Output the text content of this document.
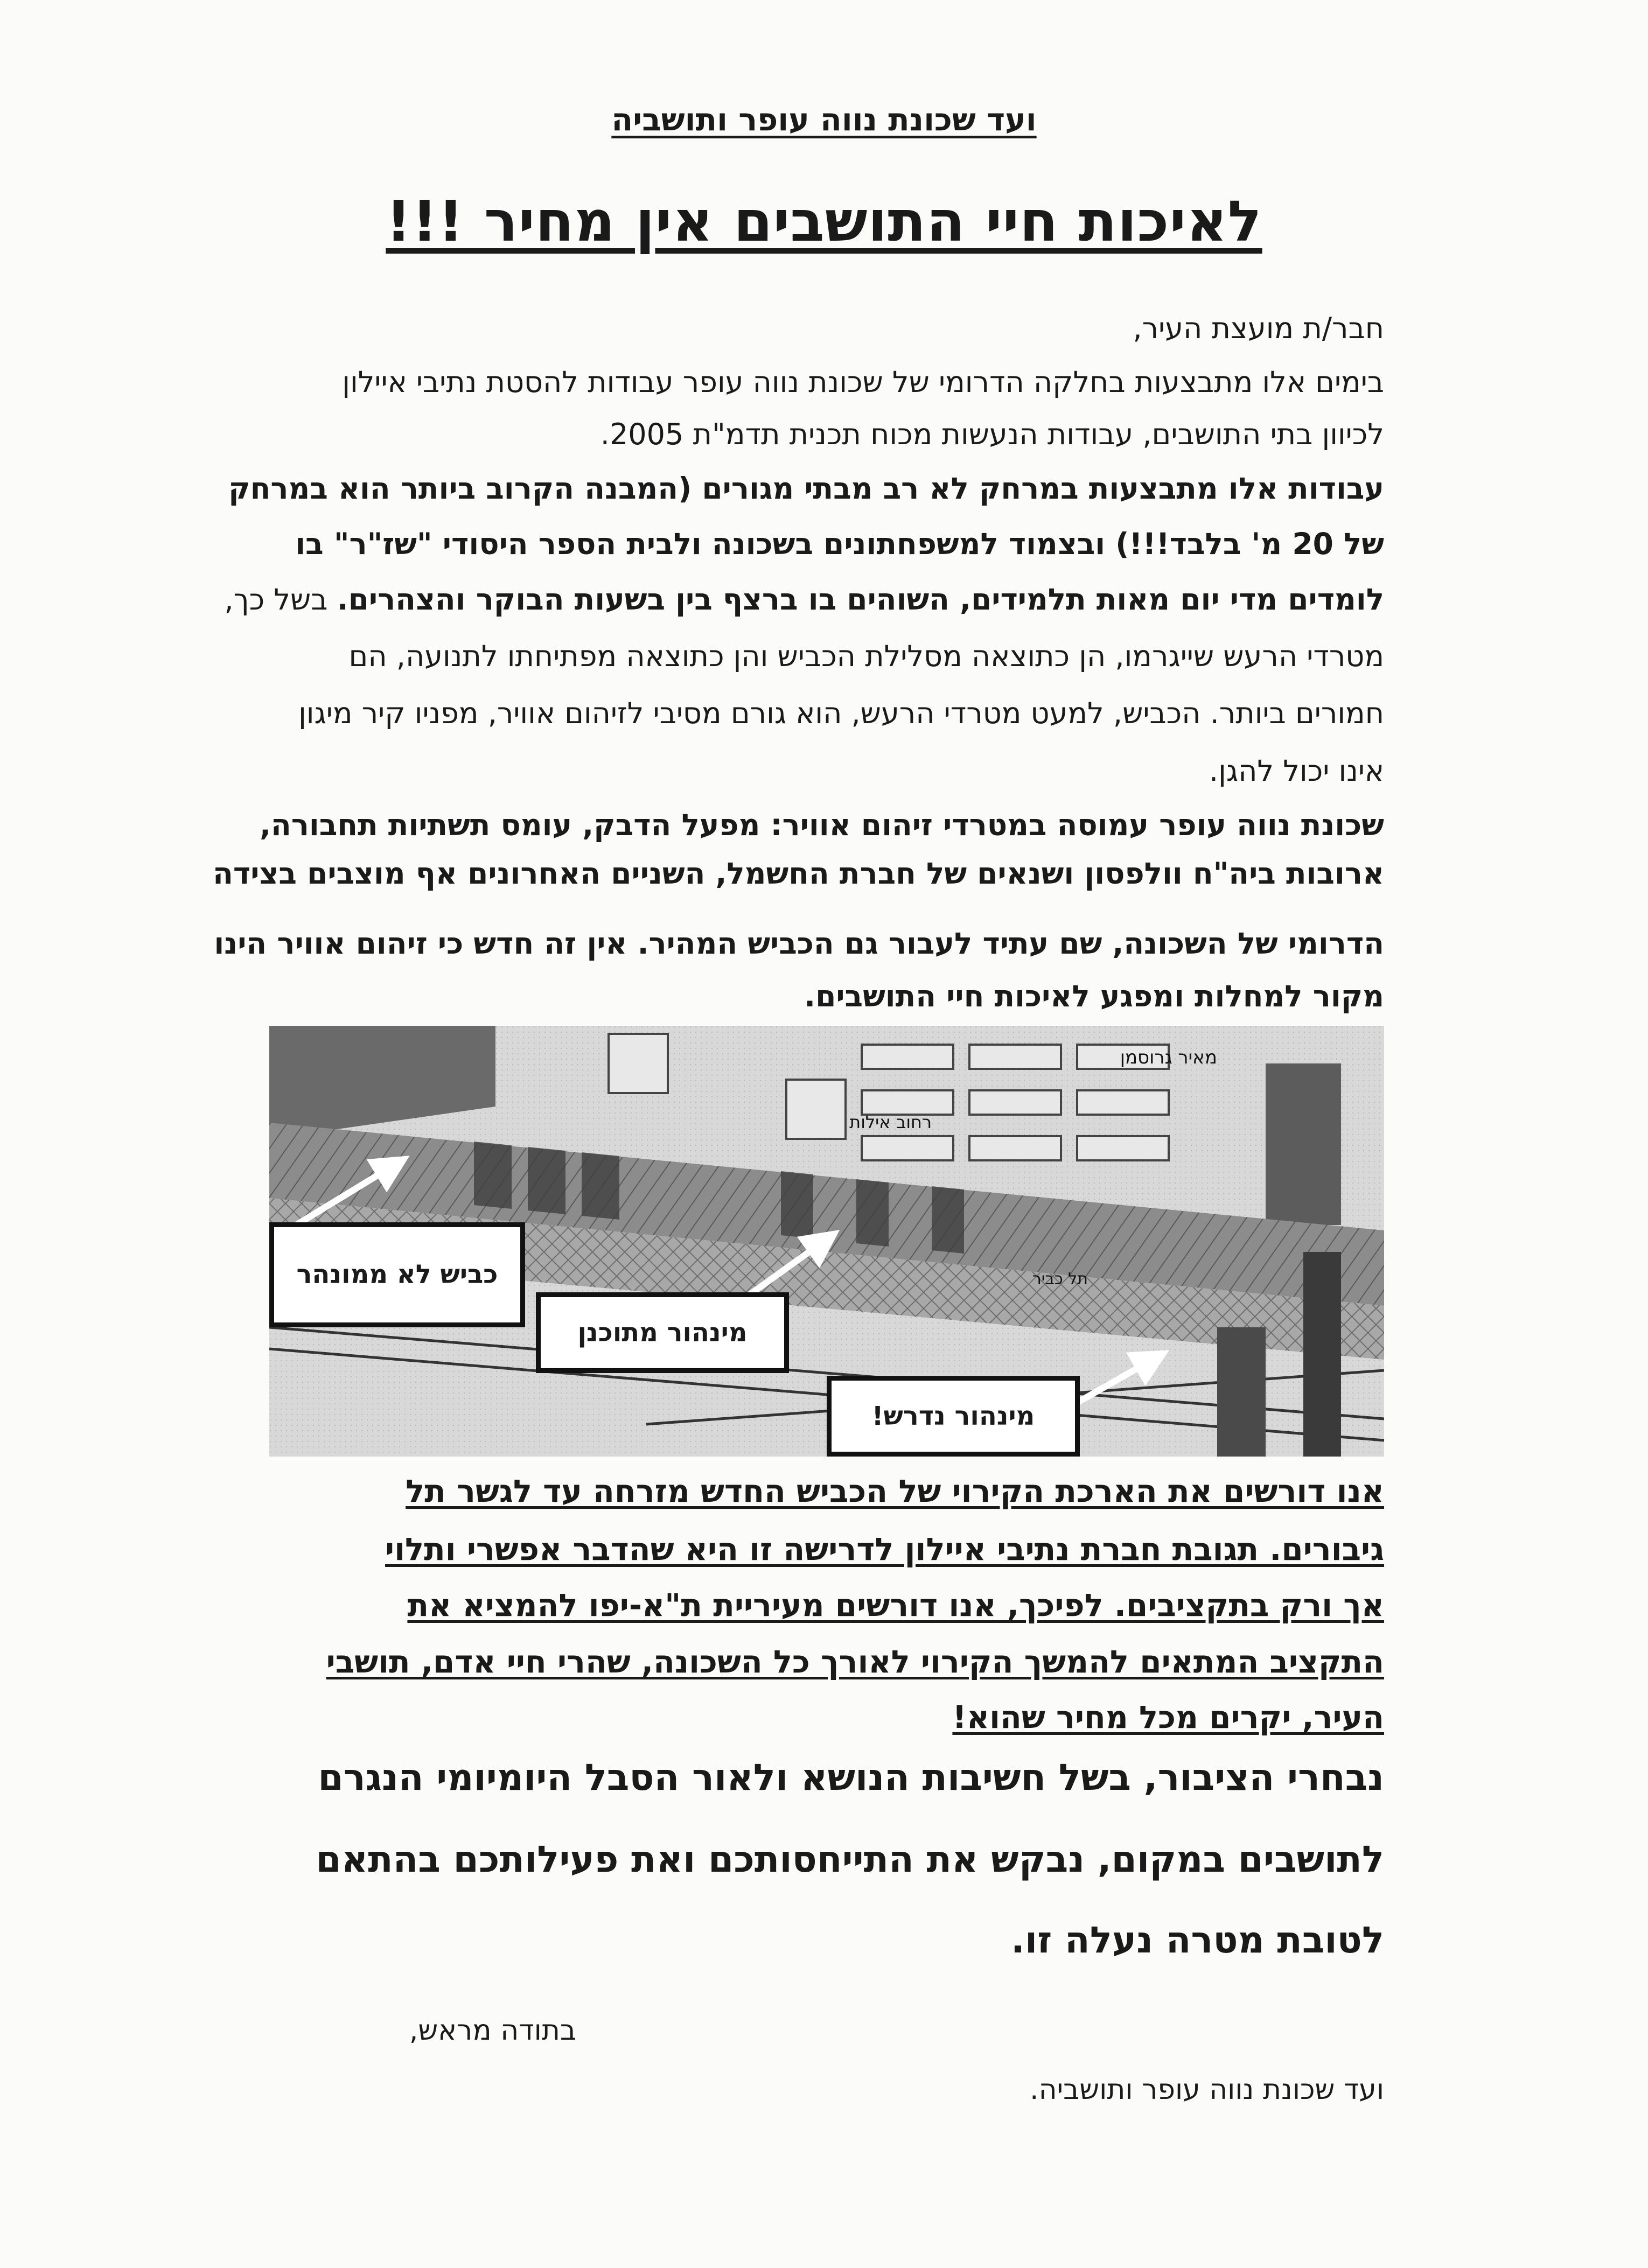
ועד שכונת נווה עופר ותושביה
לאיכות חיי התושבים אין מחיר !!!
חבר/ת מועצת העיר,
בימים אלו מתבצעות בחלקה הדרומי של שכונת נווה עופר עבודות להסטת נתיבי איילון
לכיוון בתי התושבים, עבודות הנעשות מכוח תכנית תדמ"ת 2005.
עבודות אלו מתבצעות במרחק לא רב מבתי מגורים (המבנה הקרוב ביותר הוא במרחק
של 20 מ' בלבד!!!) ובצמוד למשפחתונים בשכונה ולבית הספר היסודי "שז"ר" בו
לומדים מדי יום מאות תלמידים, השוהים בו ברצף בין בשעות הבוקר והצהרים. בשל כך,
מטרדי הרעש שייגרמו, הן כתוצאה מסלילת הכביש והן כתוצאה מפתיחתו לתנועה, הם
חמורים ביותר. הכביש, למעט מטרדי הרעש, הוא גורם מסיבי לזיהום אוויר, מפניו קיר מיגון
אינו יכול להגן.
שכונת נווה עופר עמוסה במטרדי זיהום אוויר: מפעל הדבק, עומס תשתיות תחבורה,
ארובות ביה"ח וולפסון ושנאים של חברת החשמל, השניים האחרונים אף מוצבים בצידה
הדרומי של השכונה, שם עתיד לעבור גם הכביש המהיר. אין זה חדש כי זיהום אוויר הינו
מקור למחלות ומפגע לאיכות חיי התושבים.
מאיר גרוסמן
רחוב אילות
תל כביר
כביש לא ממונהר
מינהור מתוכנן
מינהור נדרש!
אנו דורשים את הארכת הקירוי של הכביש החדש מזרחה עד לגשר תל
גיבורים. תגובת חברת נתיבי איילון לדרישה זו היא שהדבר אפשרי ותלוי
אך ורק בתקציבים. לפיכך, אנו דורשים מעיריית ת"א-יפו להמציא את
התקציב המתאים להמשך הקירוי לאורך כל השכונה, שהרי חיי אדם, תושבי
העיר, יקרים מכל מחיר שהוא!
נבחרי הציבור, בשל חשיבות הנושא ולאור הסבל היומיומי הנגרם
לתושבים במקום, נבקש את התייחסותכם ואת פעילותכם בהתאם
לטובת מטרה נעלה זו.
בתודה מראש,
ועד שכונת נווה עופר ותושביה.
